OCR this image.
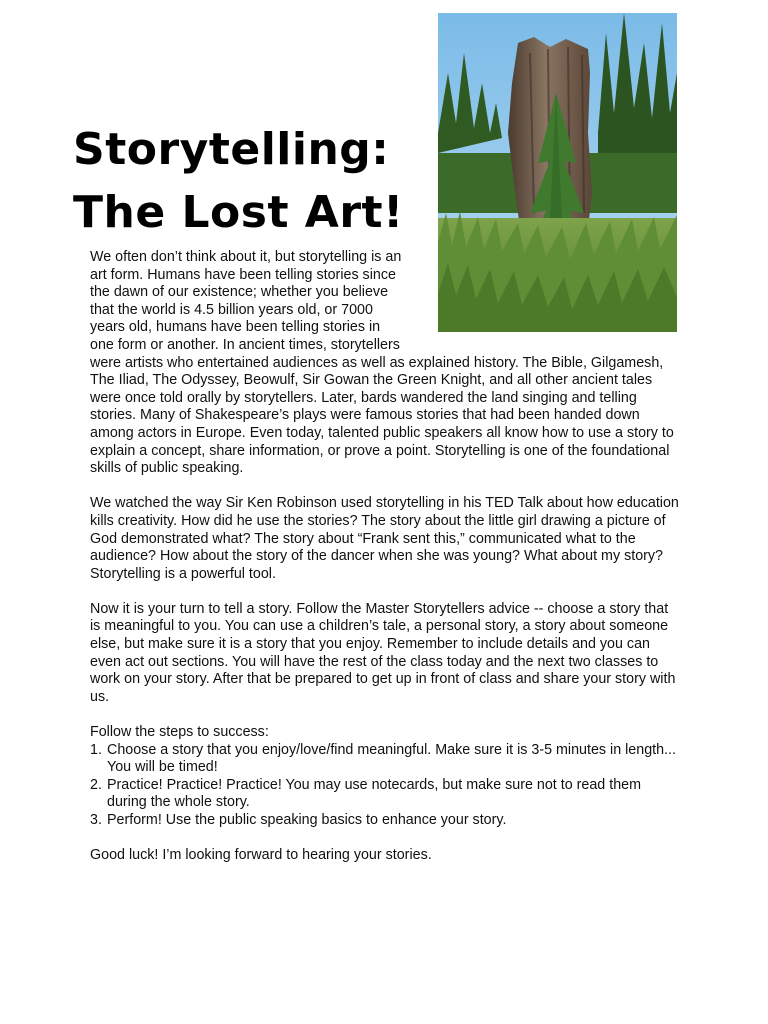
Storytelling:
The Lost Art!
We often don’t think about it, but storytelling is an
art form. Humans have been telling stories since
the dawn of our existence; whether you believe
that the world is 4.5 billion years old, or 7000
years old, humans have been telling stories in
one form or another. In ancient times, storytellers

were artists who entertained audiences as well as explained history. The Bible, Gilgamesh, The Iliad, The Odyssey, Beowulf, Sir Gowan the Green Knight, and all other ancient tales were once told orally by storytellers. Later, bards wandered the land singing and telling stories. Many of Shakespeare’s plays were famous stories that had been handed down among actors in Europe. Even today, talented public speakers all know how to use a story to explain a concept, share information, or prove a point. Storytelling is one of the foundational skills of public speaking.

We watched the way Sir Ken Robinson used storytelling in his TED Talk about how education kills creativity. How did he use the stories? The story about the little girl drawing a picture of God demonstrated what? The story about “Frank sent this,” communicated what to the audience? How about the story of the dancer when she was young? What about my story? Storytelling is a powerful tool.

Now it is your turn to tell a story. Follow the Master Storytellers advice -- choose a story that is meaningful to you. You can use a children’s tale, a personal story, a story about someone else, but make sure it is a story that you enjoy. Remember to include details and you can even act out sections. You will have the rest of the class today and the next two classes to work on your story. After that be prepared to get up in front of class and share your story with us.

Follow the steps to success:

1. Choose a story that you enjoy/love/find meaningful. Make sure it is 3-5 minutes in length... You will be timed!
2. Practice! Practice! Practice! You may use notecards, but make sure not to read them during the whole story.
3. Perform! Use the public speaking basics to enhance your story.

Good luck! I’m looking forward to hearing your stories.
